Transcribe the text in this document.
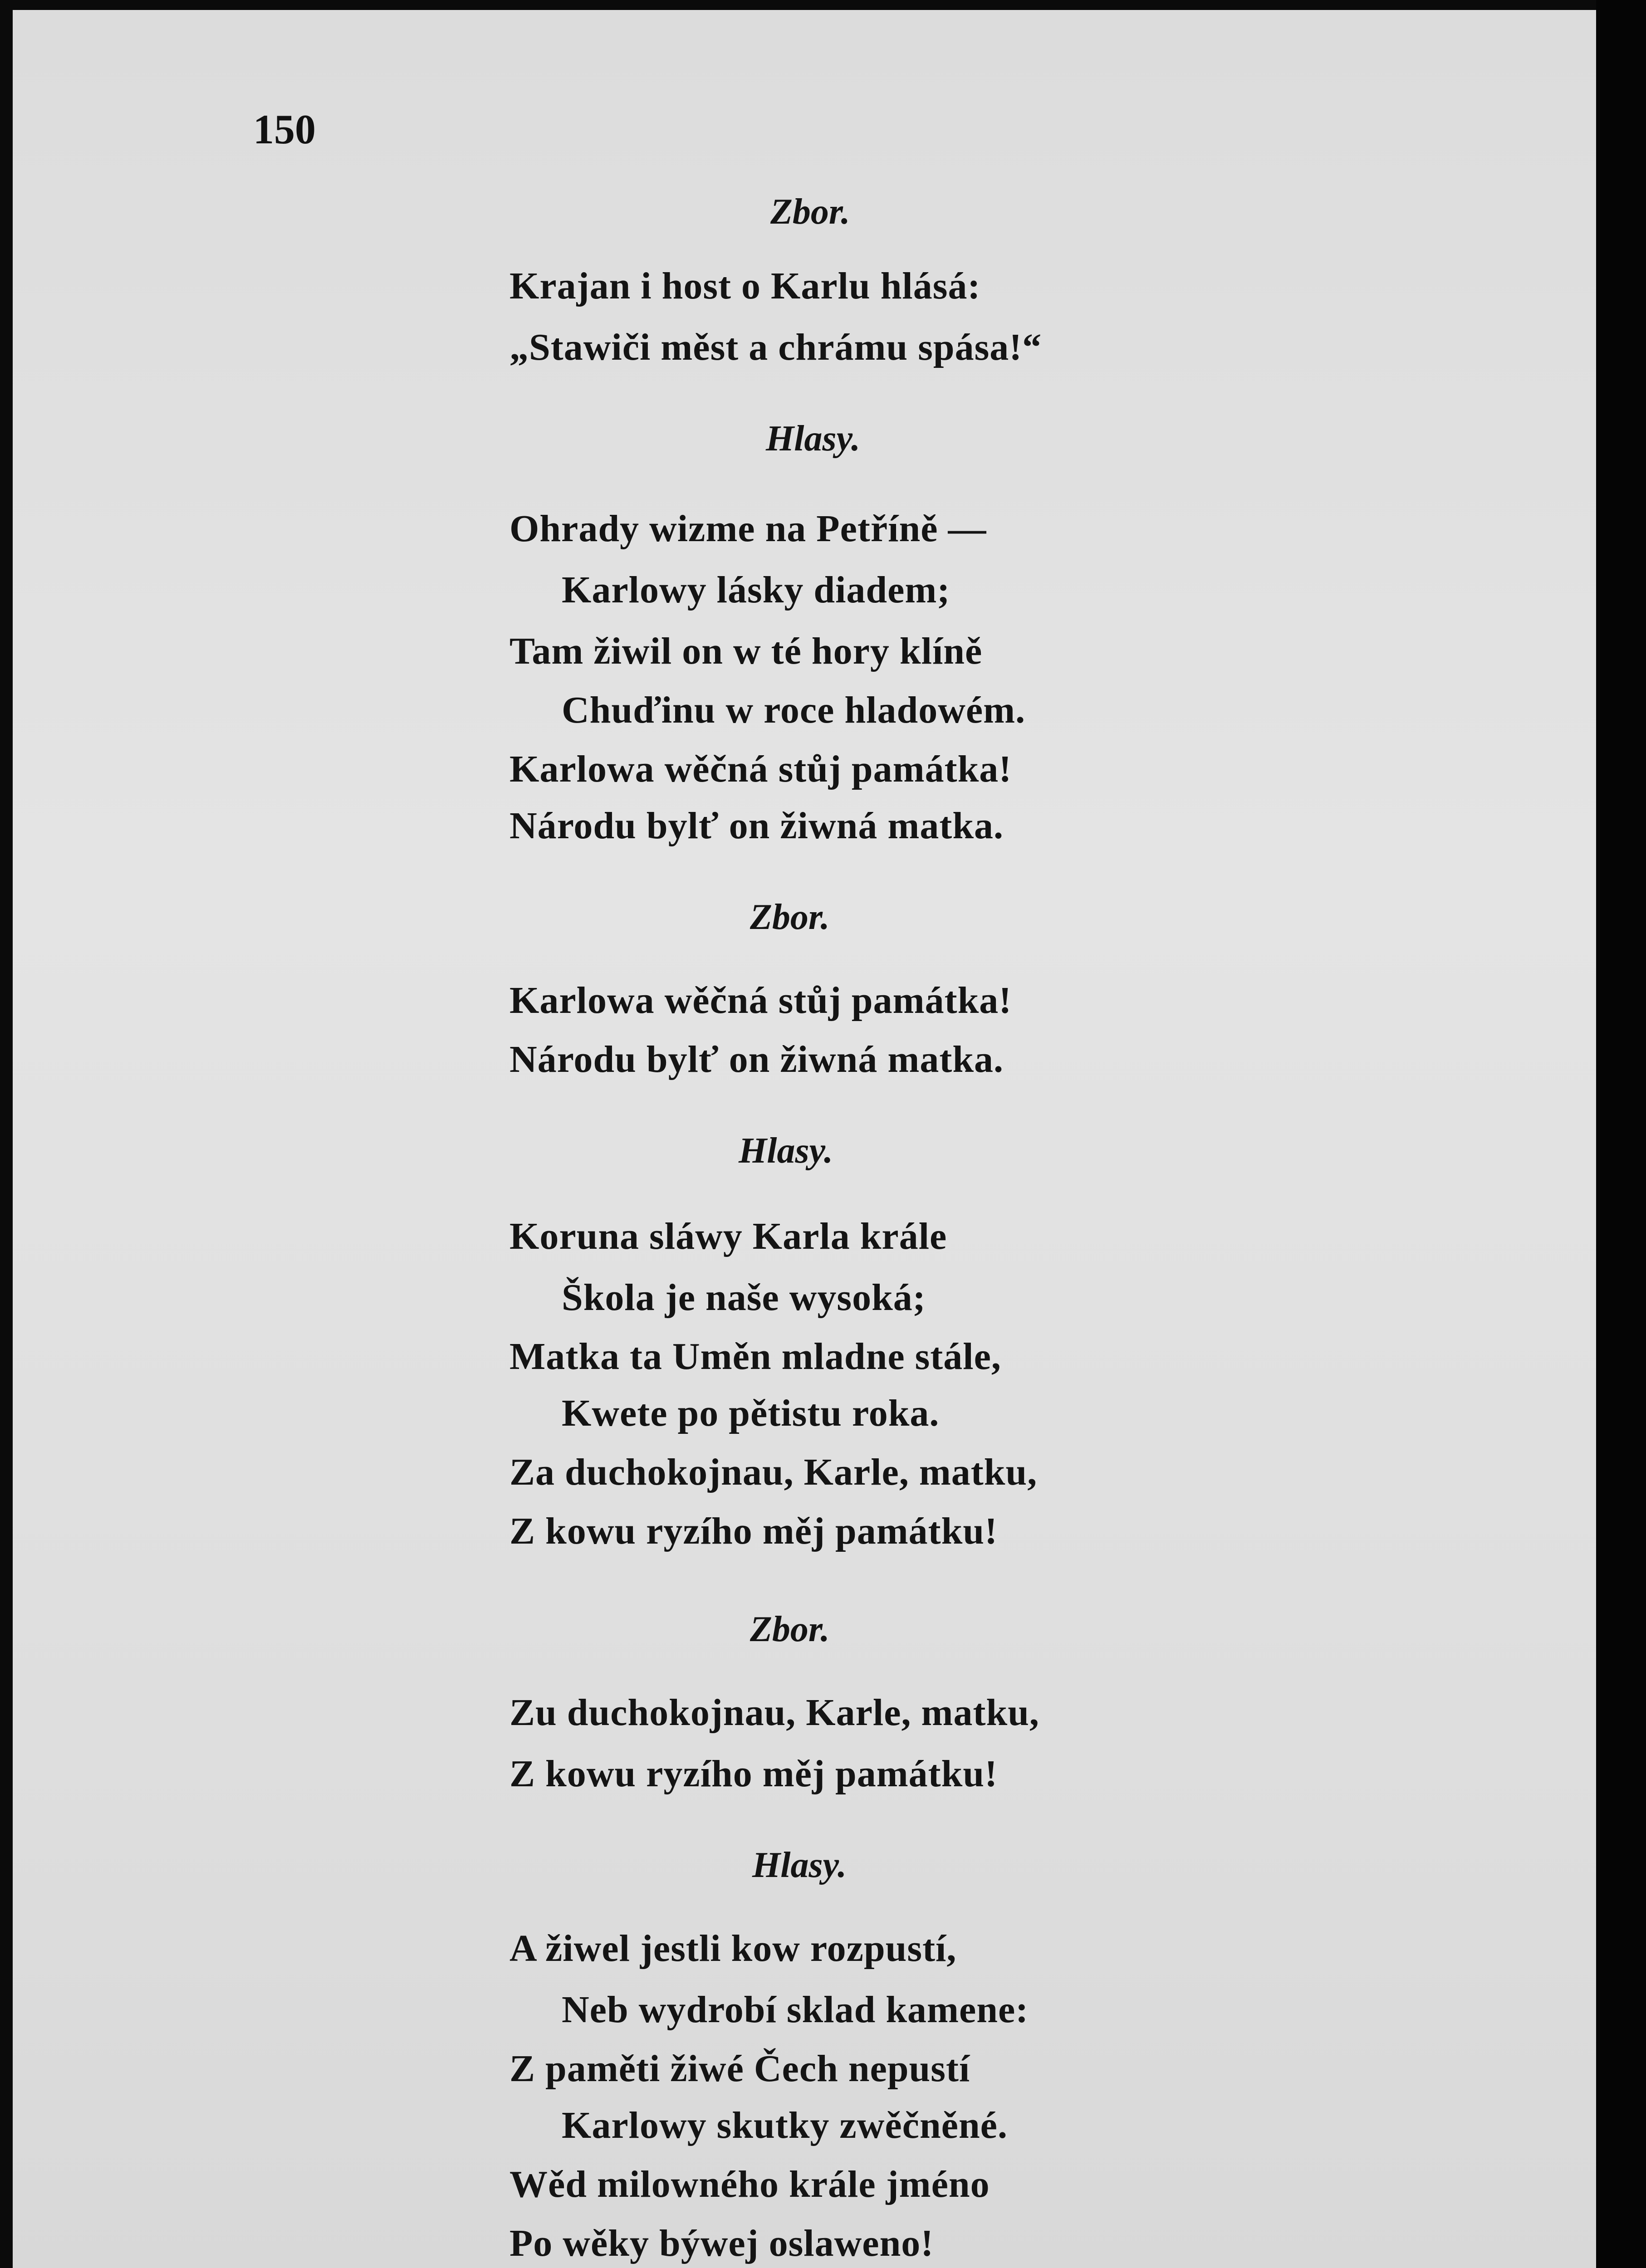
150
Zbor.
Krajan i host o Karlu hlásá:
„Stawiči měst a chrámu spása!“
Hlasy.
Ohrady wizme na Petříně —
Karlowy lásky diadem;
Tam žiwil on w té hory klíně
Chuďinu w roce hladowém.
Karlowa wěčná stůj památka!
Národu bylť on žiwná matka.
Zbor.
Karlowa wěčná stůj památka!
Národu bylť on žiwná matka.
Hlasy.
Koruna sláwy Karla krále
Škola je naše wysoká;
Matka ta Uměn mladne stále,
Kwete po pětistu roka.
Za duchokojnau, Karle, matku,
Z kowu ryzího měj památku!
Zbor.
Zu duchokojnau, Karle, matku,
Z kowu ryzího měj památku!
Hlasy.
A žiwel jestli kow rozpustí,
Neb wydrobí sklad kamene:
Z paměti žiwé Čech nepustí
Karlowy skutky zwěčněné.
Wěd milowného krále jméno
Po wěky býwej oslaweno!
